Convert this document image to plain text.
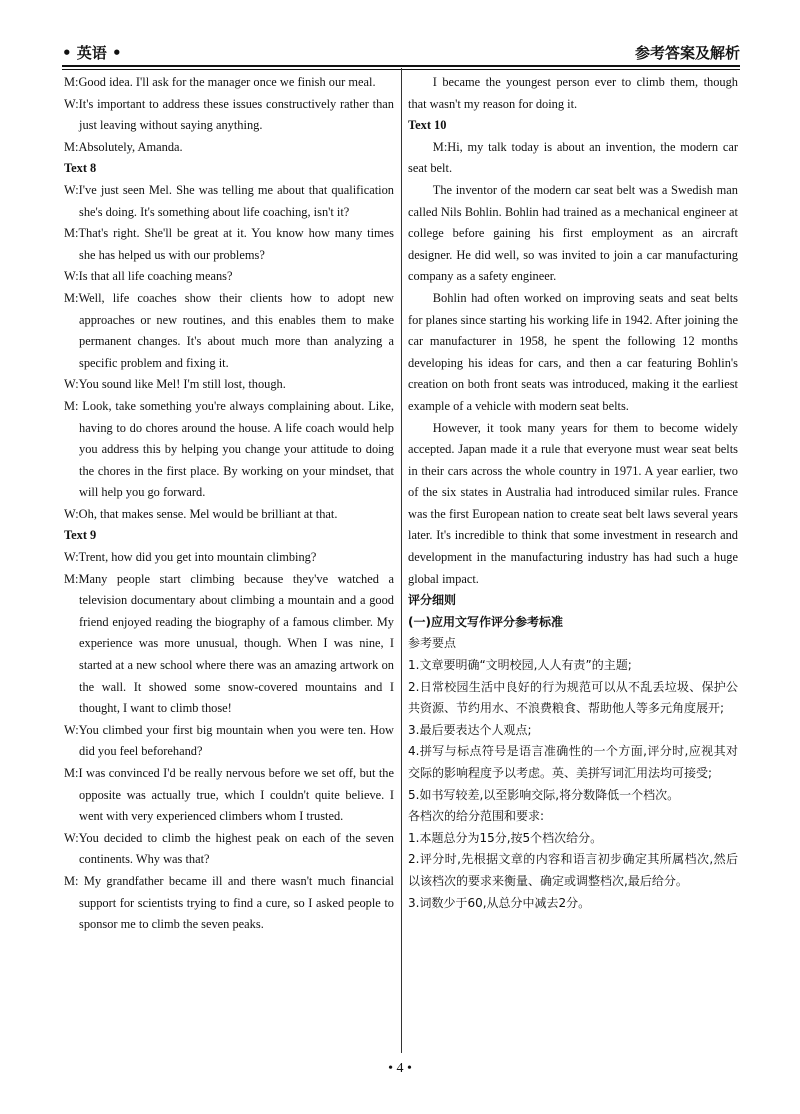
• 英语 •	参考答案及解析

M:Good idea. I'll ask for the manager once we finish our meal.

W:It's important to address these issues constructively rather than just leaving without saying anything.

M:Absolutely, Amanda.

Text 8

W:I've just seen Mel. She was telling me about that qualification she's doing. It's something about life coaching, isn't it?

M:That's right. She'll be great at it. You know how many times she has helped us with our problems?

W:Is that all life coaching means?

M:Well, life coaches show their clients how to adopt new approaches or new routines, and this enables them to make permanent changes. It's about much more than analyzing a specific problem and fixing it.

W:You sound like Mel! I'm still lost, though.

M: Look, take something you're always complaining about. Like, having to do chores around the house. A life coach would help you address this by helping you change your attitude to doing the chores in the first place. By working on your mindset, that will help you go forward.

W:Oh, that makes sense. Mel would be brilliant at that.

Text 9

W:Trent, how did you get into mountain climbing?

M:Many people start climbing because they've watched a television documentary about climbing a mountain and a good friend enjoyed reading the biography of a famous climber. My experience was more unusual, though. When I was nine, I started at a new school where there was an amazing artwork on the wall. It showed some snow-covered mountains and I thought, I want to climb those!

W:You climbed your first big mountain when you were ten. How did you feel beforehand?

M:I was convinced I'd be really nervous before we set off, but the opposite was actually true, which I couldn't quite believe. I went with very experienced climbers whom I trusted.

W:You decided to climb the highest peak on each of the seven continents. Why was that?

M: My grandfather became ill and there wasn't much financial support for scientists trying to find a cure, so I asked people to sponsor me to climb the seven peaks.

I became the youngest person ever to climb them, though that wasn't my reason for doing it.

Text 10

M:Hi, my talk today is about an invention, the modern car seat belt.

The inventor of the modern car seat belt was a Swedish man called Nils Bohlin. Bohlin had trained as a mechanical engineer at college before gaining his first employment as an aircraft designer. He did well, so was invited to join a car manufacturing company as a safety engineer.

Bohlin had often worked on improving seats and seat belts for planes since starting his working life in 1942. After joining the car manufacturer in 1958, he spent the following 12 months developing his ideas for cars, and then a car featuring Bohlin's creation on both front seats was introduced, making it the earliest example of a vehicle with modern seat belts.

However, it took many years for them to become widely accepted. Japan made it a rule that everyone must wear seat belts in their cars across the whole country in 1971. A year earlier, two of the six states in Australia had introduced similar rules. France was the first European nation to create seat belt laws several years later. It's incredible to think that some investment in research and development in the manufacturing industry has had such a huge global impact.

评分细则

(一)应用文写作评分参考标准

参考要点

1.文章要明确“文明校园,人人有责”的主题;

2.日常校园生活中良好的行为规范可以从不乱丢垃圾、保护公共资源、节约用水、不浪费粮食、帮助他人等多元角度展开;

3.最后要表达个人观点;

4.拼写与标点符号是语言准确性的一个方面,评分时,应视其对交际的影响程度予以考虑。英、美拼写词汇用法均可接受;

5.如书写较差,以至影响交际,将分数降低一个档次。

各档次的给分范围和要求:

1.本题总分为15分,按5个档次给分。

2.评分时,先根据文章的内容和语言初步确定其所属档次,然后以该档次的要求来衡量、确定或调整档次,最后给分。

3.词数少于60,从总分中减去2分。

• 4 •
